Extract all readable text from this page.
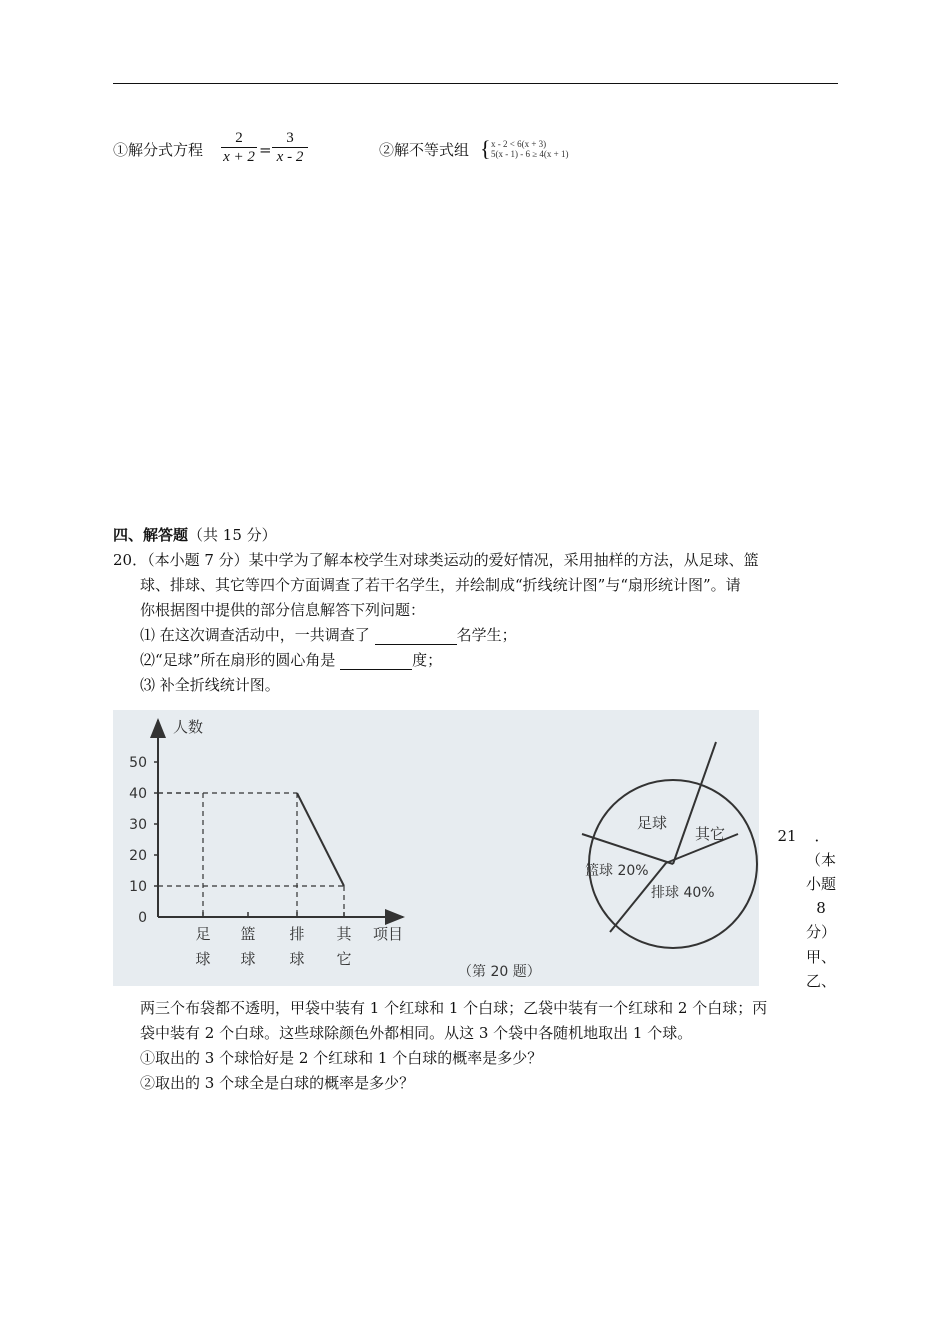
①解分式方程
2
x + 2 =
3
x - 2	②解不等式组 { x - 2 < 6(x + 3)
5(x - 1) - 6 ≥ 4(x + 1)
四、解答题（共 15 分）
20．（本小题 7 分）某中学为了解本校学生对球类运动的爱好情况，采用抽样的方法，从足球、篮
球、排球、其它等四个方面调查了若干名学生，并绘制成“折线统计图”与“扇形统计图”。请
你根据图中提供的部分信息解答下列问题：
⑴ 在这次调查活动中，一共调查了	名学生；
⑵“足球”所在扇形的圆心角是	度；
⑶ 补全折线统计图。
人数
项目
（第 20 题）
0
10
20
30
40
50
足
球
篮
球
排
球
其
它
足球
其它
篮球 20%
排球 40%
21 ．
（本
小题
8
分）
甲、
乙、
两三个布袋都不透明，甲袋中装有 1 个红球和 1 个白球；乙袋中装有一个红球和 2 个白球；丙
袋中装有 2 个白球。这些球除颜色外都相同。从这 3 个袋中各随机地取出 1 个球。
①取出的 3 个球恰好是 2 个红球和 1 个白球的概率是多少？
②取出的 3 个球全是白球的概率是多少？
